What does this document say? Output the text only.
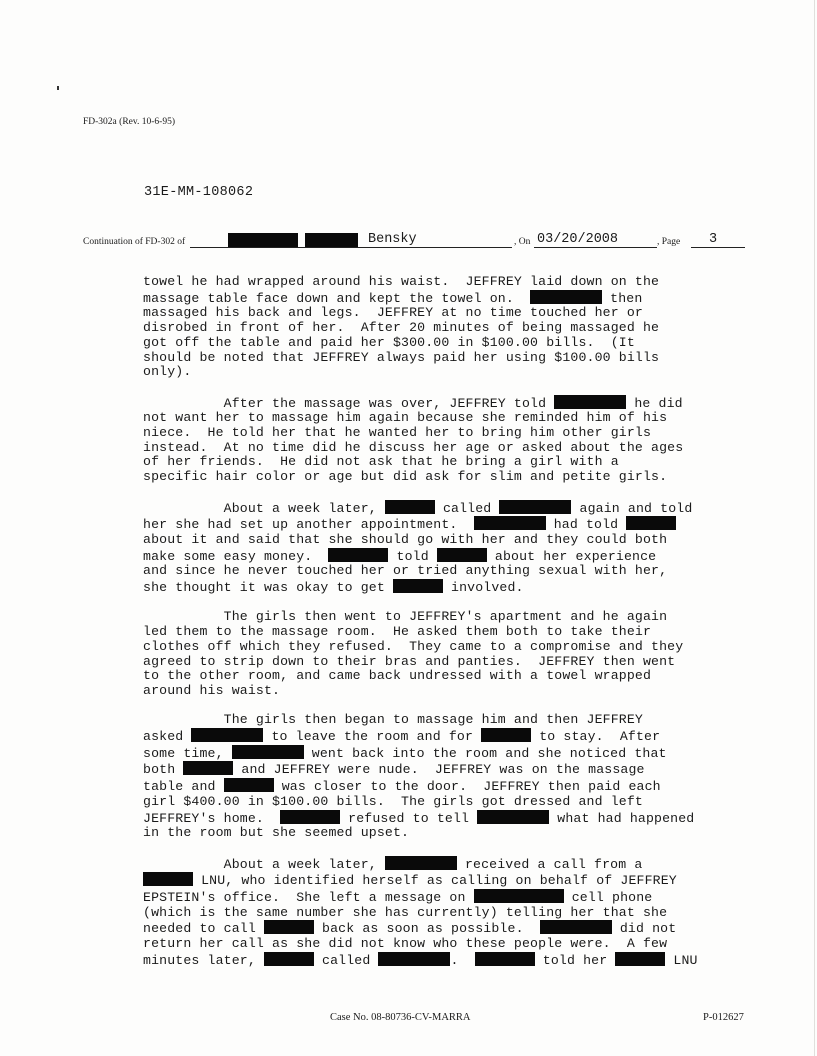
FD-302a (Rev. 10-6-95)
31E-MM-108062
Continuation of FD-302 of	Bensky	, On 03/20/2008	, Page 3

towel he had wrapped around his waist.  JEFFREY laid down on the
massage table face down and kept the towel on.	then
massaged his back and legs.  JEFFREY at no time touched her or
disrobed in front of her.  After 20 minutes of being massaged he
got off the table and paid her $300.00 in $100.00 bills.  (It
should be noted that JEFFREY always paid her using $100.00 bills
only).

After the massage was over, JEFFREY told	he did
not want her to massage him again because she reminded him of his
niece.  He told her that he wanted her to bring him other girls
instead.  At no time did he discuss her age or asked about the ages
of her friends.  He did not ask that he bring a girl with a
specific hair color or age but did ask for slim and petite girls.

About a week later,	called	again and told
her she had set up another appointment.	had told
about it and said that she should go with her and they could both
make some easy money.	told	about her experience
and since he never touched her or tried anything sexual with her,
she thought it was okay to get	involved.

The girls then went to JEFFREY's apartment and he again
led them to the massage room.  He asked them both to take their
clothes off which they refused.  They came to a compromise and they
agreed to strip down to their bras and panties.  JEFFREY then went
to the other room, and came back undressed with a towel wrapped
around his waist.

The girls then began to massage him and then JEFFREY
asked	to leave the room and for	to stay.  After
some time,	went back into the room and she noticed that
both	and JEFFREY were nude.  JEFFREY was on the massage
table and	was closer to the door.  JEFFREY then paid each
girl $400.00 in $100.00 bills.  The girls got dressed and left
JEFFREY's home.	refused to tell	what had happened
in the room but she seemed upset.

About a week later,	received a call from a
LNU, who identified herself as calling on behalf of JEFFREY
EPSTEIN's office.  She left a message on	cell phone
(which is the same number she has currently) telling her that she
needed to call	back as soon as possible.	did not
return her call as she did not know who these people were.  A few
minutes later,	called	.	told her	LNU

Case No. 08-80736-CV-MARRA	P-012627
